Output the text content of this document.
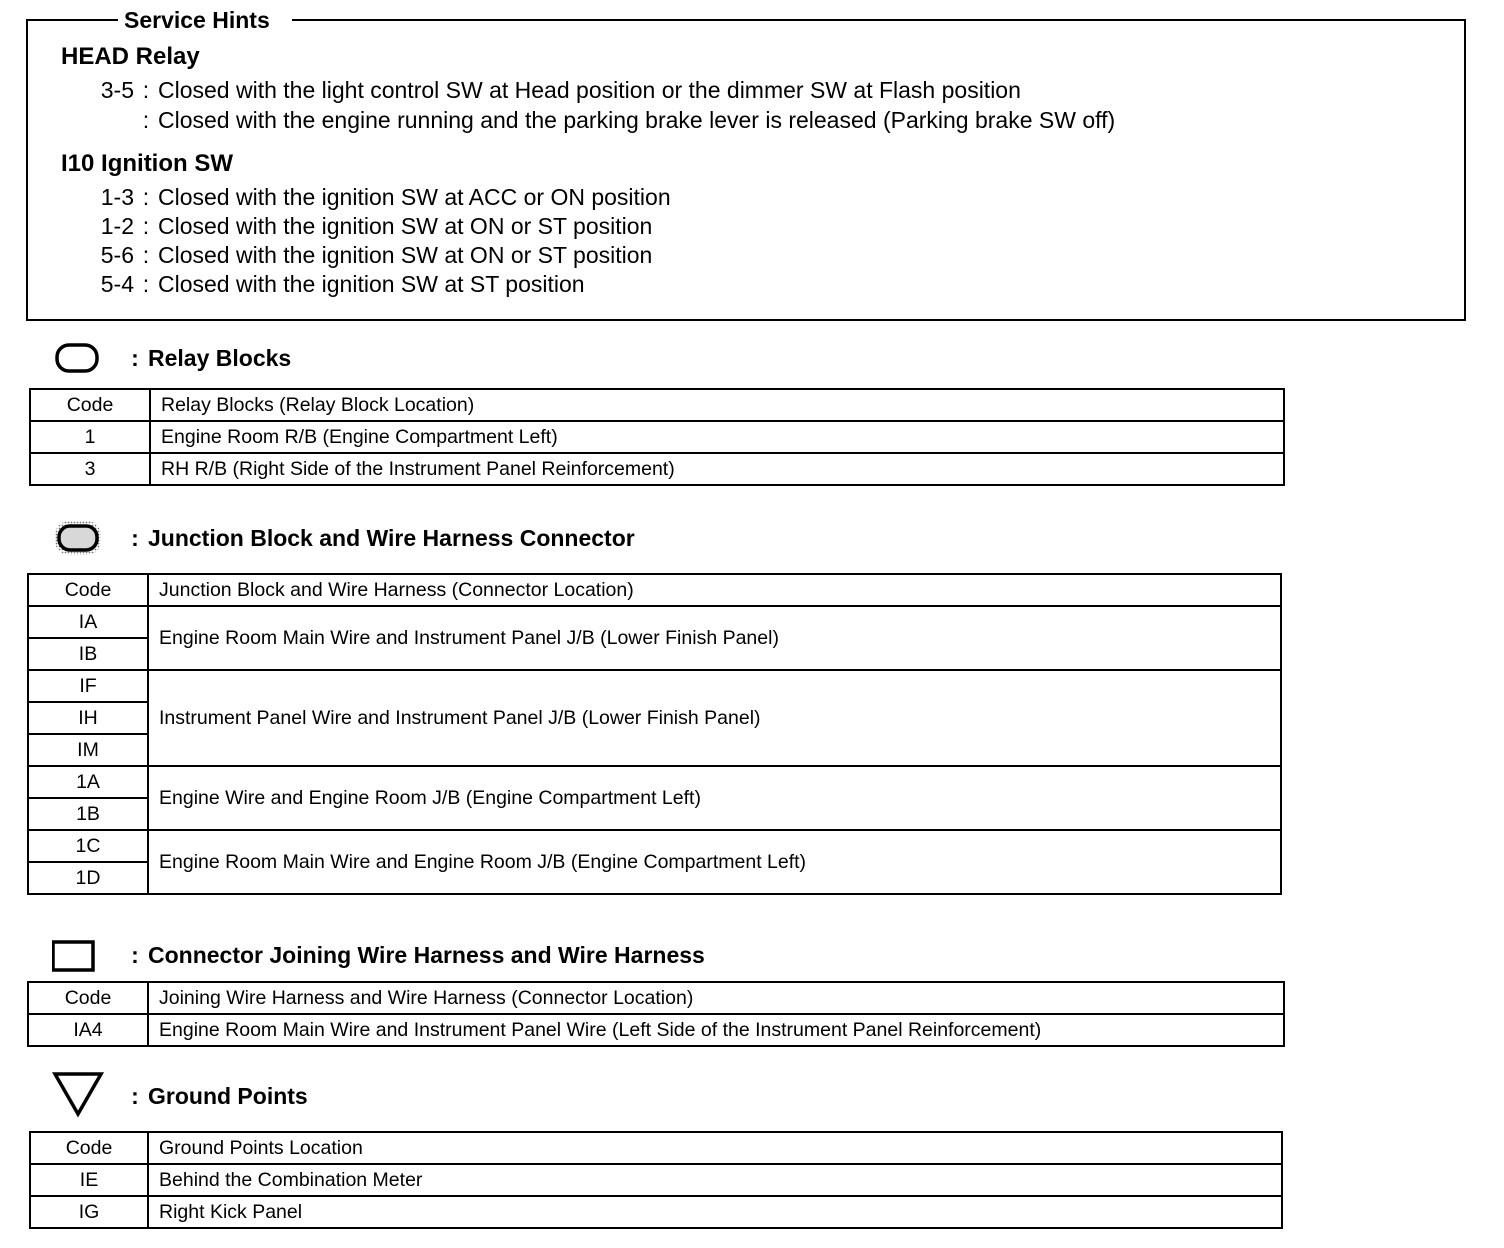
Service Hints
HEAD Relay
3-5 : Closed with the light control SW at Head position or the dimmer SW at Flash position
: Closed with the engine running and the parking brake lever is released (Parking brake SW off)
I10 Ignition SW
1-3 : Closed with the ignition SW at ACC or ON position
1-2 : Closed with the ignition SW at ON or ST position
5-6 : Closed with the ignition SW at ON or ST position
5-4 : Closed with the ignition SW at ST position
: Relay Blocks
Code	Relay Blocks (Relay Block Location)
1	Engine Room R/B (Engine Compartment Left)
3	RH R/B (Right Side of the Instrument Panel Reinforcement)
: Junction Block and Wire Harness Connector
Code	Junction Block and Wire Harness (Connector Location)
IA	Engine Room Main Wire and Instrument Panel J/B (Lower Finish Panel)
IB	
IF	Instrument Panel Wire and Instrument Panel J/B (Lower Finish Panel)
IH	
IM	
1A	Engine Wire and Engine Room J/B (Engine Compartment Left)
1B	
1C	Engine Room Main Wire and Engine Room J/B (Engine Compartment Left)
1D	
: Connector Joining Wire Harness and Wire Harness
Code	Joining Wire Harness and Wire Harness (Connector Location)
IA4	Engine Room Main Wire and Instrument Panel Wire (Left Side of the Instrument Panel Reinforcement)
: Ground Points
Code	Ground Points Location
IE	Behind the Combination Meter
IG	Right Kick Panel
